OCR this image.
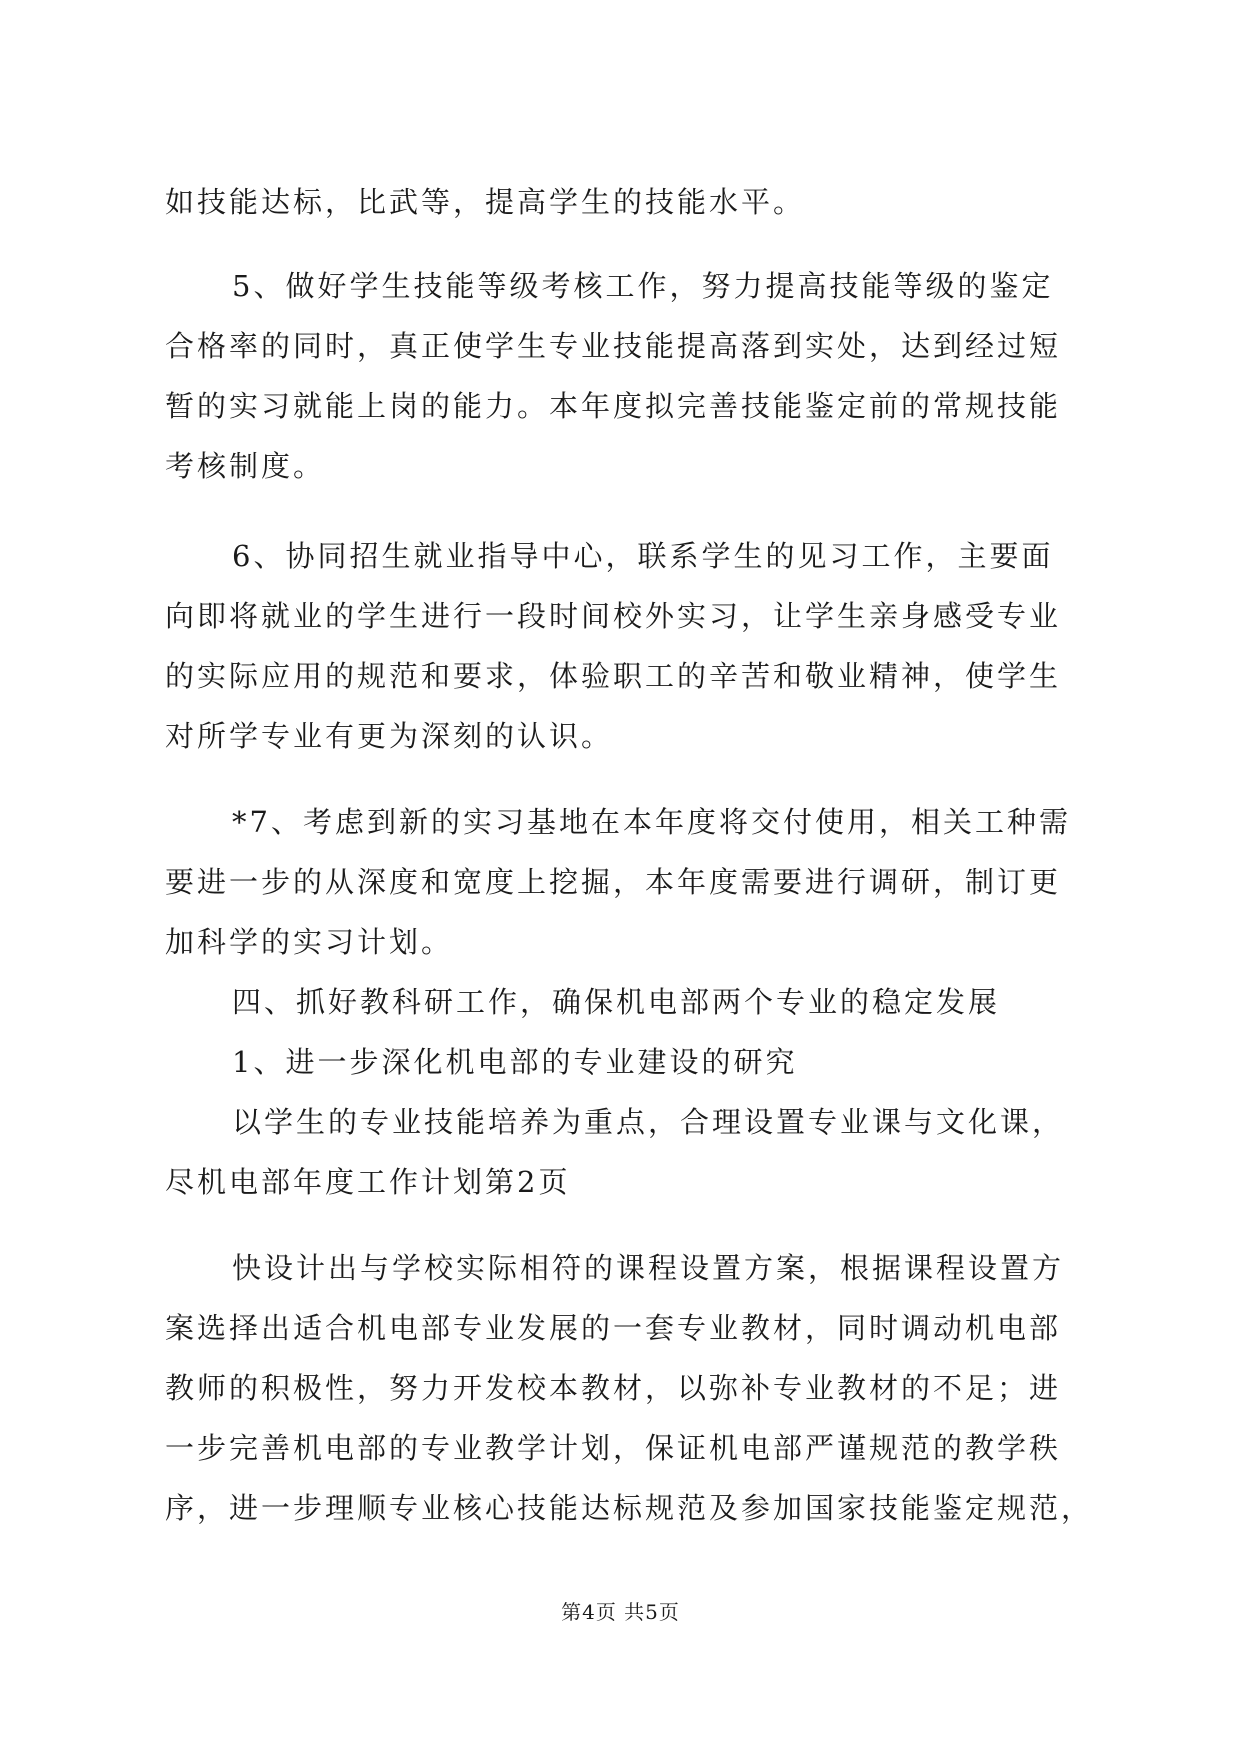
如技能达标，比武等，提高学生的技能水平。
5、做好学生技能等级考核工作，努力提高技能等级的鉴定
合格率的同时，真正使学生专业技能提高落到实处，达到经过短
暂的实习就能上岗的能力。本年度拟完善技能鉴定前的常规技能
考核制度。
6、协同招生就业指导中心，联系学生的见习工作，主要面
向即将就业的学生进行一段时间校外实习，让学生亲身感受专业
的实际应用的规范和要求，体验职工的辛苦和敬业精神，使学生
对所学专业有更为深刻的认识。
*7、考虑到新的实习基地在本年度将交付使用，相关工种需
要进一步的从深度和宽度上挖掘，本年度需要进行调研，制订更
加科学的实习计划。
四、抓好教科研工作，确保机电部两个专业的稳定发展
1、进一步深化机电部的专业建设的研究
以学生的专业技能培养为重点，合理设置专业课与文化课，
尽机电部年度工作计划第2页
快设计出与学校实际相符的课程设置方案，根据课程设置方
案选择出适合机电部专业发展的一套专业教材，同时调动机电部
教师的积极性，努力开发校本教材，以弥补专业教材的不足；进
一步完善机电部的专业教学计划，保证机电部严谨规范的教学秩
序，进一步理顺专业核心技能达标规范及参加国家技能鉴定规范，
第4页 共5页
